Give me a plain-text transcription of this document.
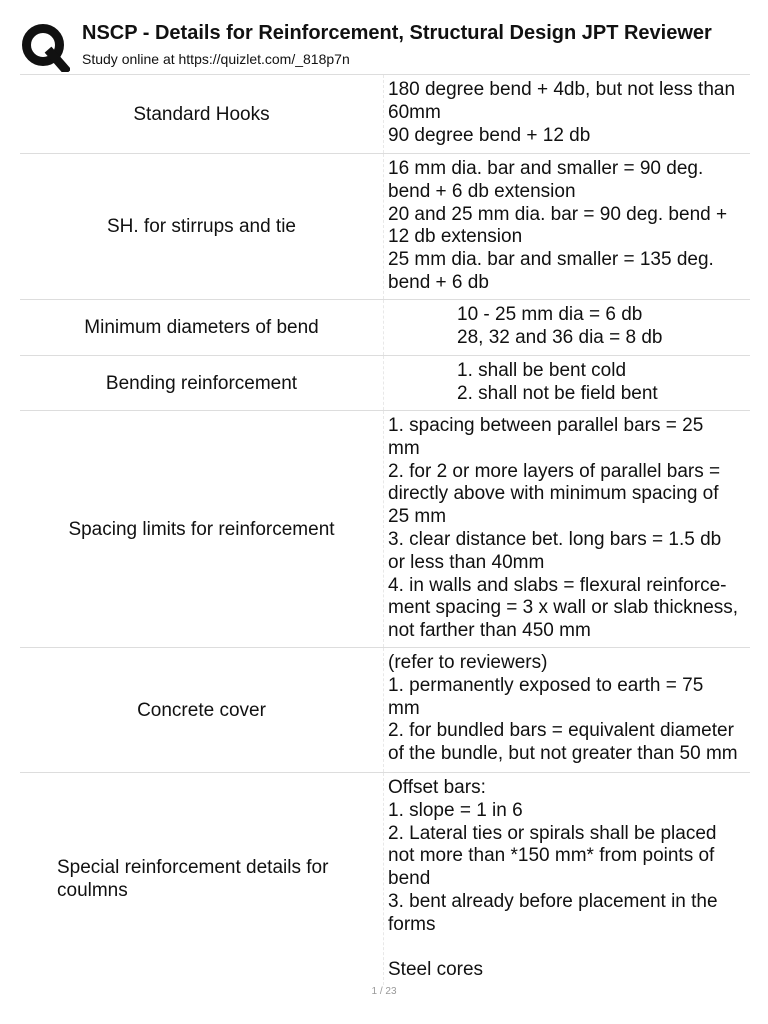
NSCP - Details for Reinforcement, Structural Design JPT Reviewer
Study online at https://quizlet.com/_818p7n
Standard Hooks
180 degree bend + 4db, but not less than
60mm
90 degree bend + 12 db
SH. for stirrups and tie
16 mm dia. bar and smaller = 90 deg.
bend + 6 db extension
20 and 25 mm dia. bar = 90 deg. bend +
12 db extension
25 mm dia. bar and smaller = 135 deg.
bend + 6 db
Minimum diameters of bend
10 - 25 mm dia = 6 db
28, 32 and 36 dia = 8 db
Bending reinforcement
1. shall be bent cold
2. shall not be field bent
Spacing limits for reinforcement
1. spacing between parallel bars = 25
mm
2. for 2 or more layers of parallel bars =
directly above with minimum spacing of
25 mm
3. clear distance bet. long bars = 1.5 db
or less than 40mm
4. in walls and slabs = flexural reinforce-
ment spacing = 3 x wall or slab thickness,
not farther than 450 mm
Concrete cover
(refer to reviewers)
1. permanently exposed to earth = 75
mm
2. for bundled bars = equivalent diameter
of the bundle, but not greater than 50 mm
Special reinforcement details for coulmns
Offset bars:
1. slope = 1 in 6
2. Lateral ties or spirals shall be placed
not more than *150 mm* from points of
bend
3. bent already before placement in the
forms
Steel cores
1 / 23
